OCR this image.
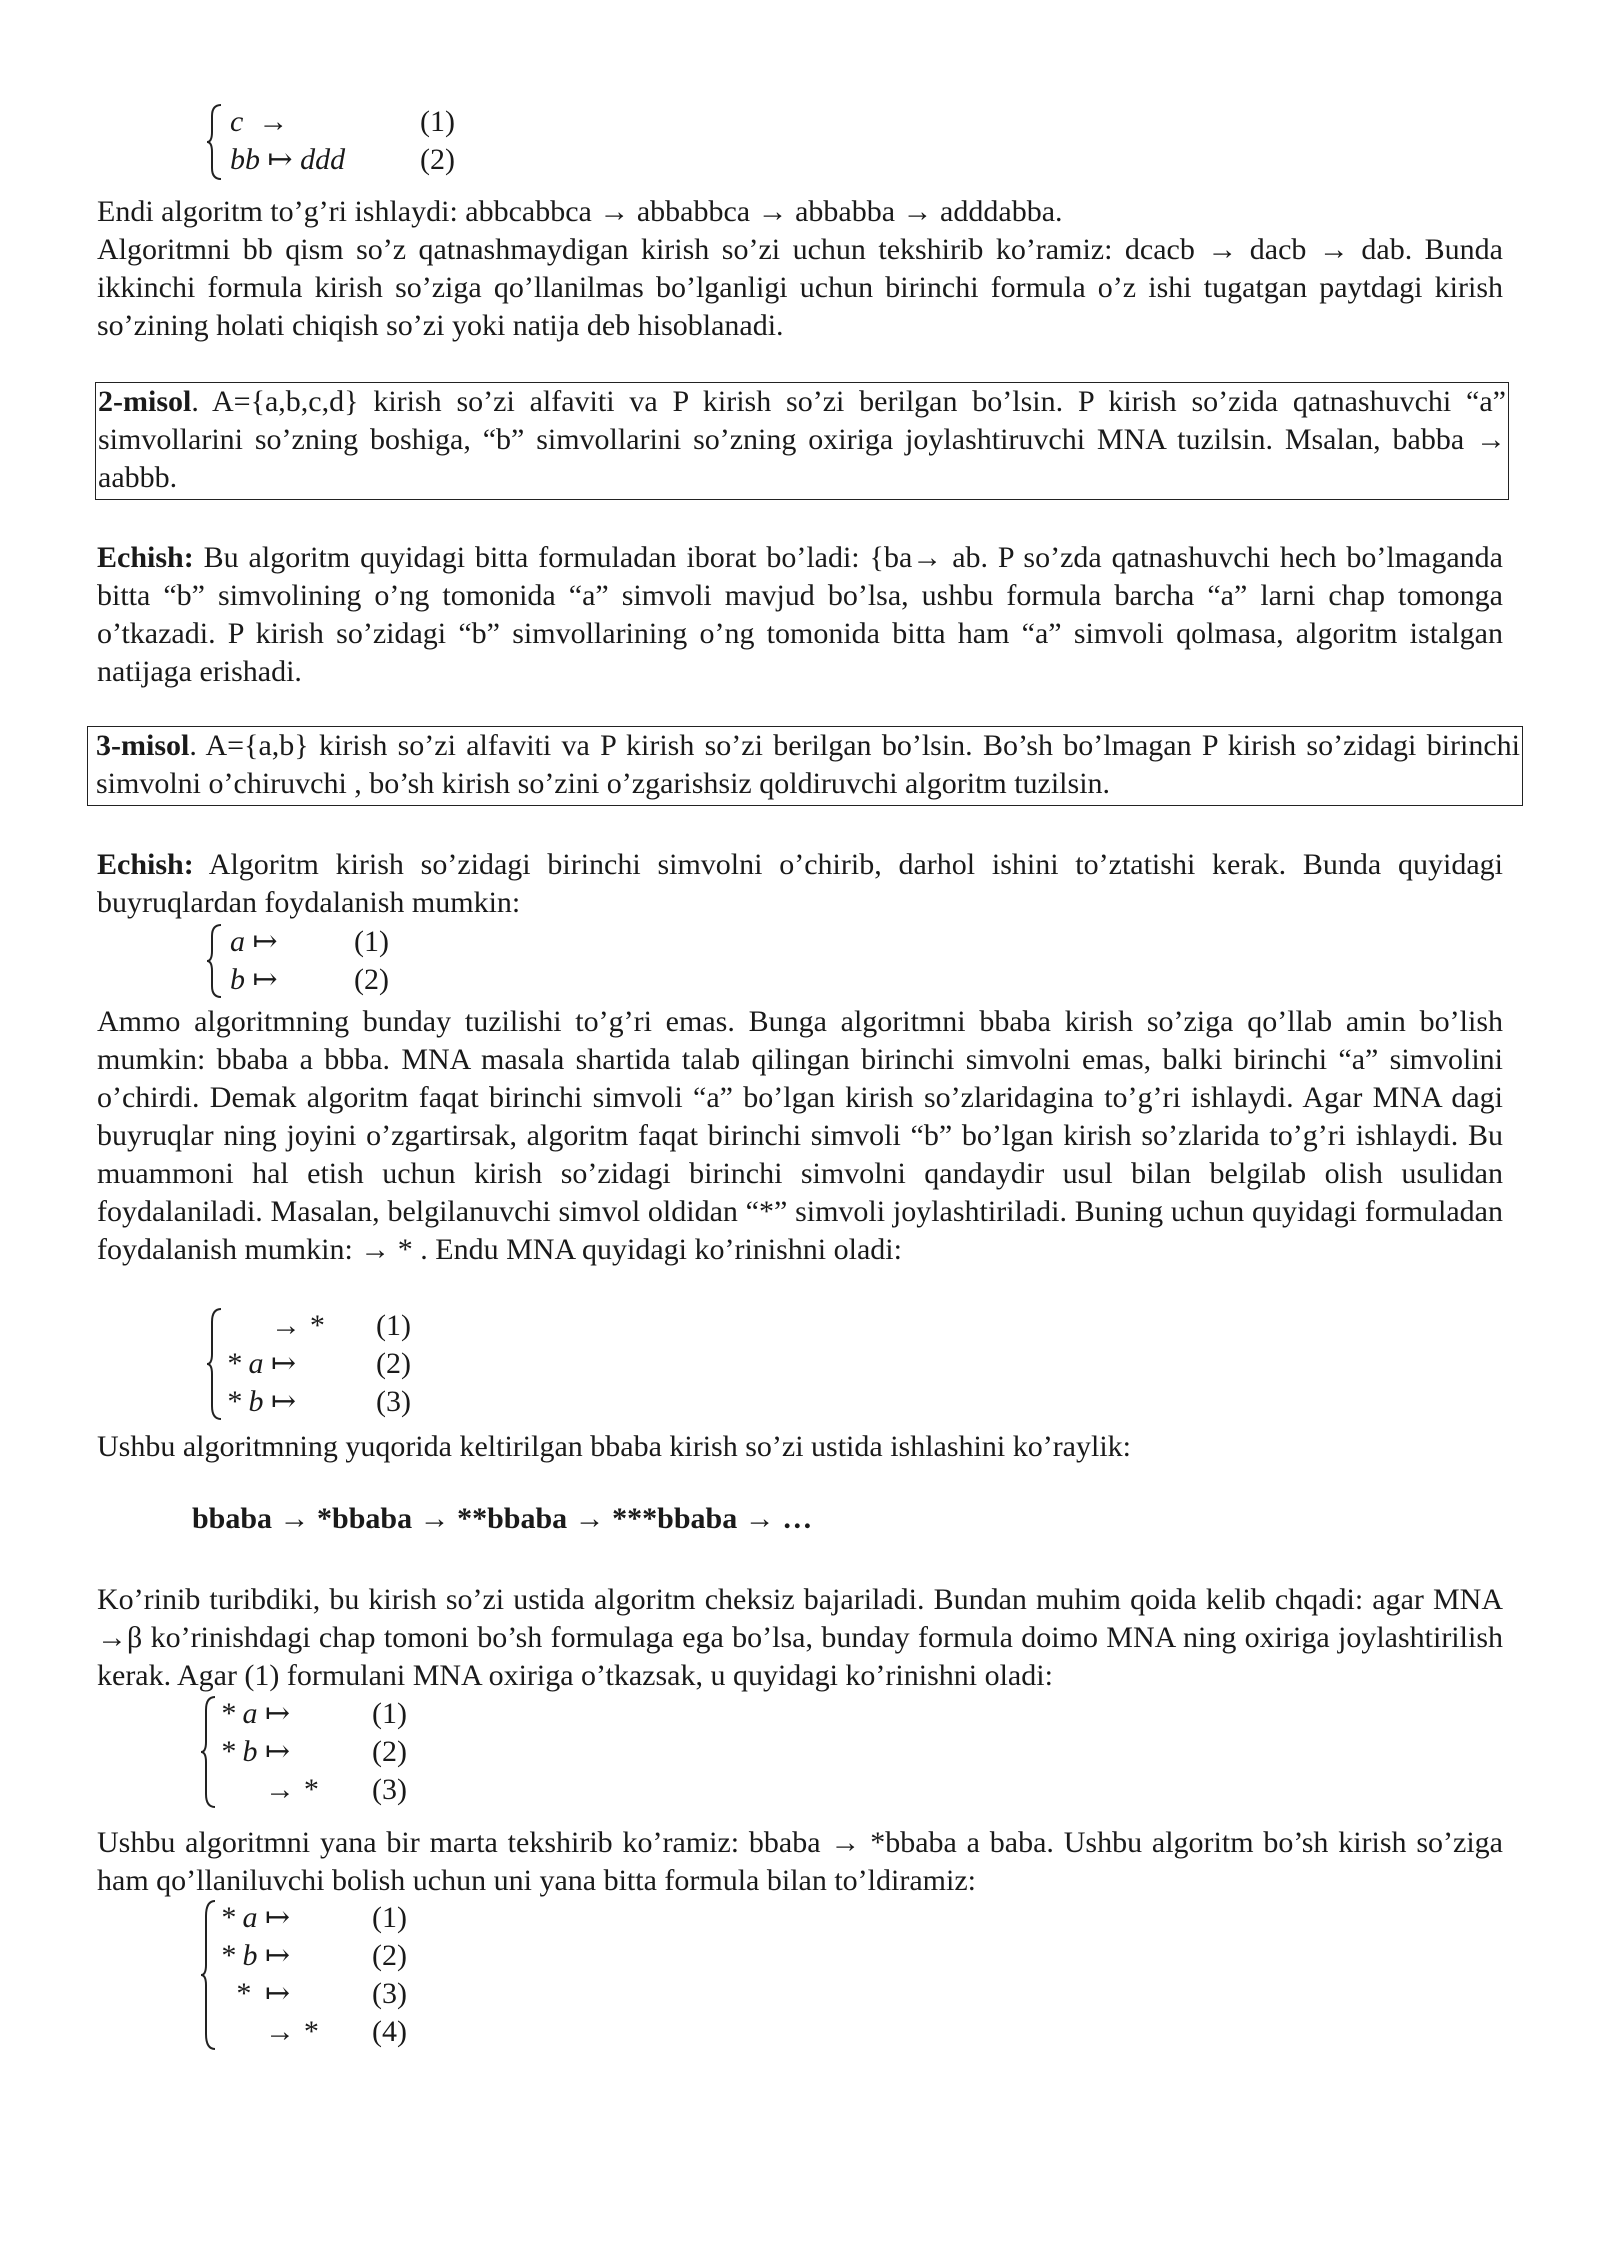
c  →	(1)
bb ↦ ddd (2)

Endi algoritm to’g’ri ishlaydi: abbcabbca → abbabbca → abbabba → adddabba.

Algoritmni bb qism so’z qatnashmaydigan kirish so’zi uchun tekshirib ko’ramiz: dcacb → dacb → dab. Bunda ikkinchi formula kirish so’ziga qo’llanilmas bo’lganligi uchun birinchi formula o’z ishi tugatgan paytdagi kirish so’zining holati chiqish so’zi yoki natija deb hisoblanadi.

2-misol. A={a,b,c,d} kirish so’zi alfaviti va P kirish so’zi berilgan bo’lsin. P kirish so’zida qatnashuvchi “a” simvollarini so’zning boshiga, “b” simvollarini so’zning oxiriga joylashtiruvchi MNA tuzilsin. Msalan, babba → aabbb.

Echish: Bu algoritm quyidagi bitta formuladan iborat bo’ladi: {ba→ ab. P so’zda qatnashuvchi hech bo’lmaganda bitta “b” simvolining o’ng tomonida “a” simvoli mavjud bo’lsa, ushbu formula barcha “a” larni chap tomonga o’tkazadi. P kirish so’zidagi “b” simvollarining o’ng tomonida bitta ham “a” simvoli qolmasa, algoritm istalgan natijaga erishadi.

3-misol. A={a,b} kirish so’zi alfaviti va P kirish so’zi berilgan bo’lsin. Bo’sh bo’lmagan P kirish so’zidagi birinchi simvolni o’chiruvchi , bo’sh kirish so’zini o’zgarishsiz qoldiruvchi algoritm tuzilsin.

Echish: Algoritm kirish so’zidagi birinchi simvolni o’chirib, darhol ishini to’ztatishi kerak. Bunda quyidagi buyruqlardan foydalanish mumkin:

a ↦	(1)
b ↦	(2)

Ammo algoritmning bunday tuzilishi to’g’ri emas. Bunga algoritmni bbaba kirish so’ziga qo’llab amin bo’lish mumkin: bbaba a bbba. MNA masala shartida talab qilingan birinchi simvolni emas, balki birinchi “a” simvolini o’chirdi. Demak algoritm faqat birinchi simvoli “a” bo’lgan kirish so’zlaridagina to’g’ri ishlaydi. Agar MNA dagi buyruqlar ning joyini o’zgartirsak, algoritm faqat birinchi simvoli “b” bo’lgan kirish so’zlarida to’g’ri ishlaydi. Bu muammoni hal etish uchun kirish so’zidagi birinchi simvolni qandaydir usul bilan belgilab olish usulidan foydalaniladi. Masalan, belgilanuvchi simvol oldidan “*” simvoli joylashtiriladi. Buning uchun quyidagi formuladan foydalanish mumkin: → * . Endu MNA quyidagi ko’rinishni oladi:

→ * (1)
* a ↦	(2)
* b ↦	(3)

Ushbu algoritmning yuqorida keltirilgan bbaba kirish so’zi ustida ishlashini ko’raylik:

bbaba → *bbaba → **bbaba → ***bbaba → …

Ko’rinib turibdiki, bu kirish so’zi ustida algoritm cheksiz bajariladi. Bundan muhim qoida kelib chqadi: agar MNA →β ko’rinishdagi chap tomoni bo’sh formulaga ega bo’lsa, bunday formula doimo MNA ning oxiriga joylashtirilish kerak. Agar (1) formulani MNA oxiriga o’tkazsak, u quyidagi ko’rinishni oladi:

* a ↦	(1)
* b ↦	(2)
→ * (3)

Ushbu algoritmni yana bir marta tekshirib ko’ramiz: bbaba → *bbaba a baba. Ushbu algoritm bo’sh kirish so’ziga ham qo’llaniluvchi bolish uchun uni yana bitta formula bilan to’ldiramiz:

* a ↦	(1)
* b ↦	(2)
*  ↦	(3)
→ * (4)
